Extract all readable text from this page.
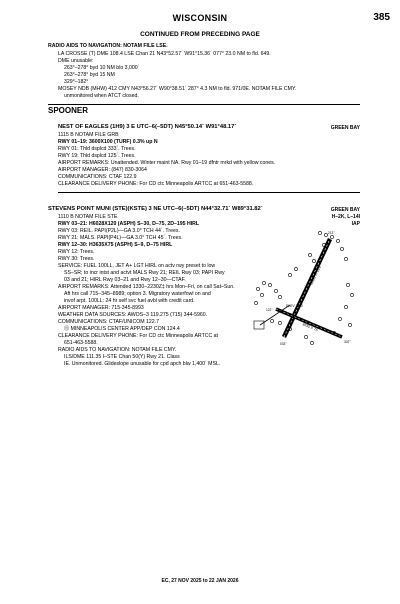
WISCONSIN	385
CONTINUED FROM PRECEDING PAGE
RADIO AIDS TO NAVIGATION: NOTAM FILE LSE.
LA CROSSE (T) DME 108.4 LSE Chan 21 N43°52.57´ W91°15.36´ 077° 23.0 NM to fld. 649.
DME unusable:
263°–278° byd 10 NM blo 3,000´
263°–278° byd 15 NM
329°–182°
MOSEY NDB (MHW) 412 CMY N43°56.27´ W90°38.51´ 287° 4.3 NM to fld. 971/0E. NOTAM FILE CMY.
unmonitored when ATCT closed.
SPOONER
NEST OF EAGLES (1H9) 3 E UTC–6(–5DT) N45°50.14´ W91°48.17´	GREEN BAY
1115 B NOTAM FILE GRB
RWY 01–19: 3600X100 (TURF) 0.3% up N
RWY 01: Thld dsplcd 333´. Trees.
RWY 19: Thld dsplcd 125´. Trees.
AIRPORT REMARKS: Unattended. Winter maint NA. Rwy 01–19 dfntr mrkd with yellow cones.
AIRPORT MANAGER: (847) 830-3064
COMMUNICATIONS: CTAF 122.9
CLEARANCE DELIVERY PHONE: For CD ctc Minneapolis ARTCC at 651-463-5588.
STEVENS POINT MUNI (STE)(KSTE) 3 NE UTC–6(–5DT) N44°32.71´ W89°31.82´	GREEN BAY
H–2K, L–14I
IAP
1110 B NOTAM FILE STE
RWY 03–21: H6028X120 (ASPH) S–30, D–75, 2D–195 HIRL
RWY 03: REIL. PAPI(P2L)—GA 3.0° TCH 44´. Trees.
RWY 21: MALS. PAPI(P4L)—GA 3.0° TCH 45´. Trees.
RWY 12–30: H3635X75 (ASPH) S–9, D–75 HIRL
RWY 12: Trees.
RWY 30: Trees.
SERVICE: FUEL 100LL, JET A+ LGT HIRL on actv rwy preset to low
SS–SR; to incr intst and actvt MALS Rwy 21; REIL Rwy 03; PAPI Rwy
03 and 21; HIRL Rwy 03–21 and Rwy 12–30—CTAF.
AIRPORT REMARKS: Attended 1330–2230Z‡ hrs Mon–Fri, on call Sat–Sun.
Aft hrs call 715–345–8989; option 3. Migratory waterfowl on and
invof arpt. 100LL: 24 hr self svc fuel avbl with credit card.
AIRPORT MANAGER: 715-345-8993
WEATHER DATA SOURCES: AWOS–3 119.275 (715) 344-5960.
COMMUNICATIONS: CTAF/UNICOM 122.7
Ⓡ MINNEAPOLIS CENTER APP/DEP CON 124.4
CLEARANCE DELIVERY PHONE: For CD ctc Minneapolis ARTCC at
651-463-5588.
RADIO AIDS TO NAVIGATION: NOTAM FILE CMY.
ILS/DME 111.35 I–STE Chan 50(Y) Rwy 21. Class
IE. Unmonitored. Glideslope unusable for cpd apch blw 1,400´ MSL.
6028 X 120
3635 X 75
ELEV 1110
033°
213°
122°
302°
EC, 27 NOV 2025 to 22 JAN 2026
